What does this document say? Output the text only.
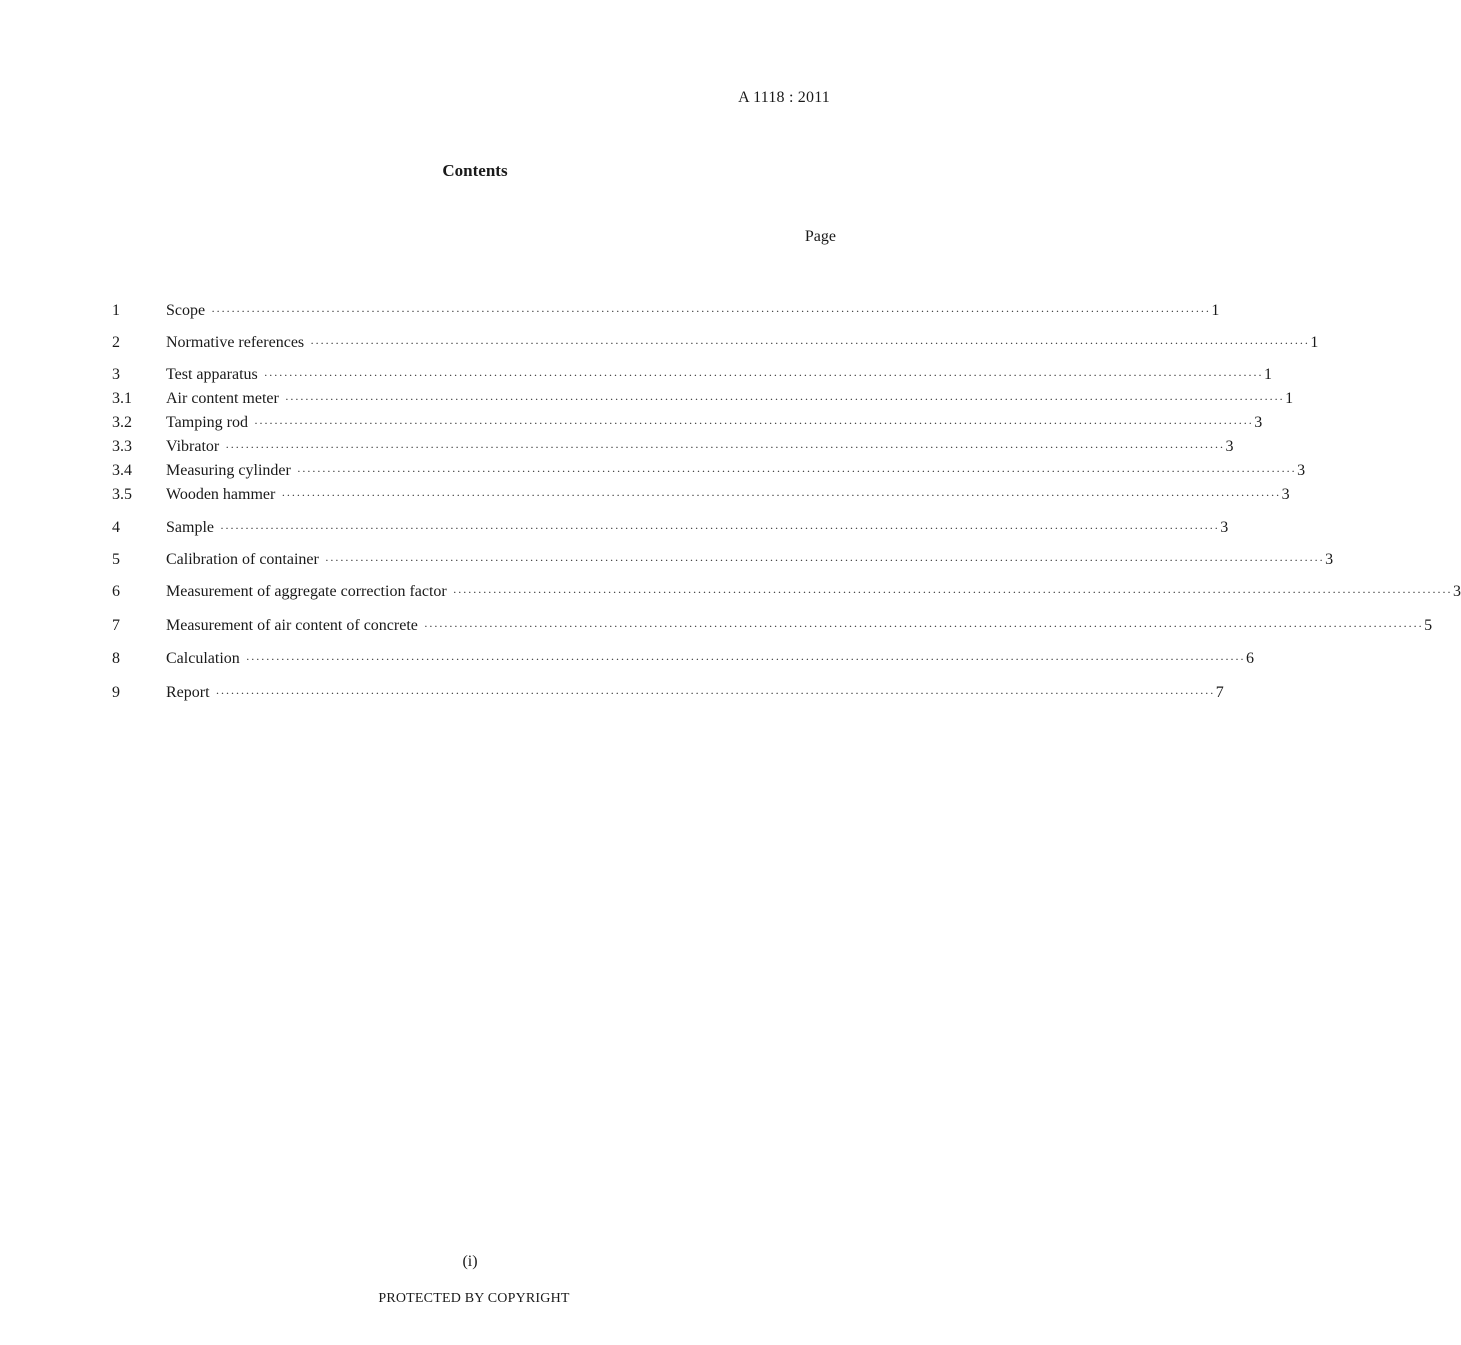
A 1118 : 2011
Contents
Page
1	Scope ········································································································································································································ 1
2	Normative references ········································································································································································································ 1
3	Test apparatus ········································································································································································································ 1
3.1	Air content meter ········································································································································································································ 1
3.2	Tamping rod ········································································································································································································ 3
3.3	Vibrator ········································································································································································································ 3
3.4	Measuring cylinder ········································································································································································································ 3
3.5	Wooden hammer ········································································································································································································ 3
4	Sample ········································································································································································································ 3
5	Calibration of container ········································································································································································································ 3
6	Measurement of aggregate correction factor ········································································································································································································ 3
7	Measurement of air content of concrete ········································································································································································································ 5
8	Calculation ········································································································································································································ 6
9	Report ········································································································································································································ 7
(i)
PROTECTED BY COPYRIGHT
